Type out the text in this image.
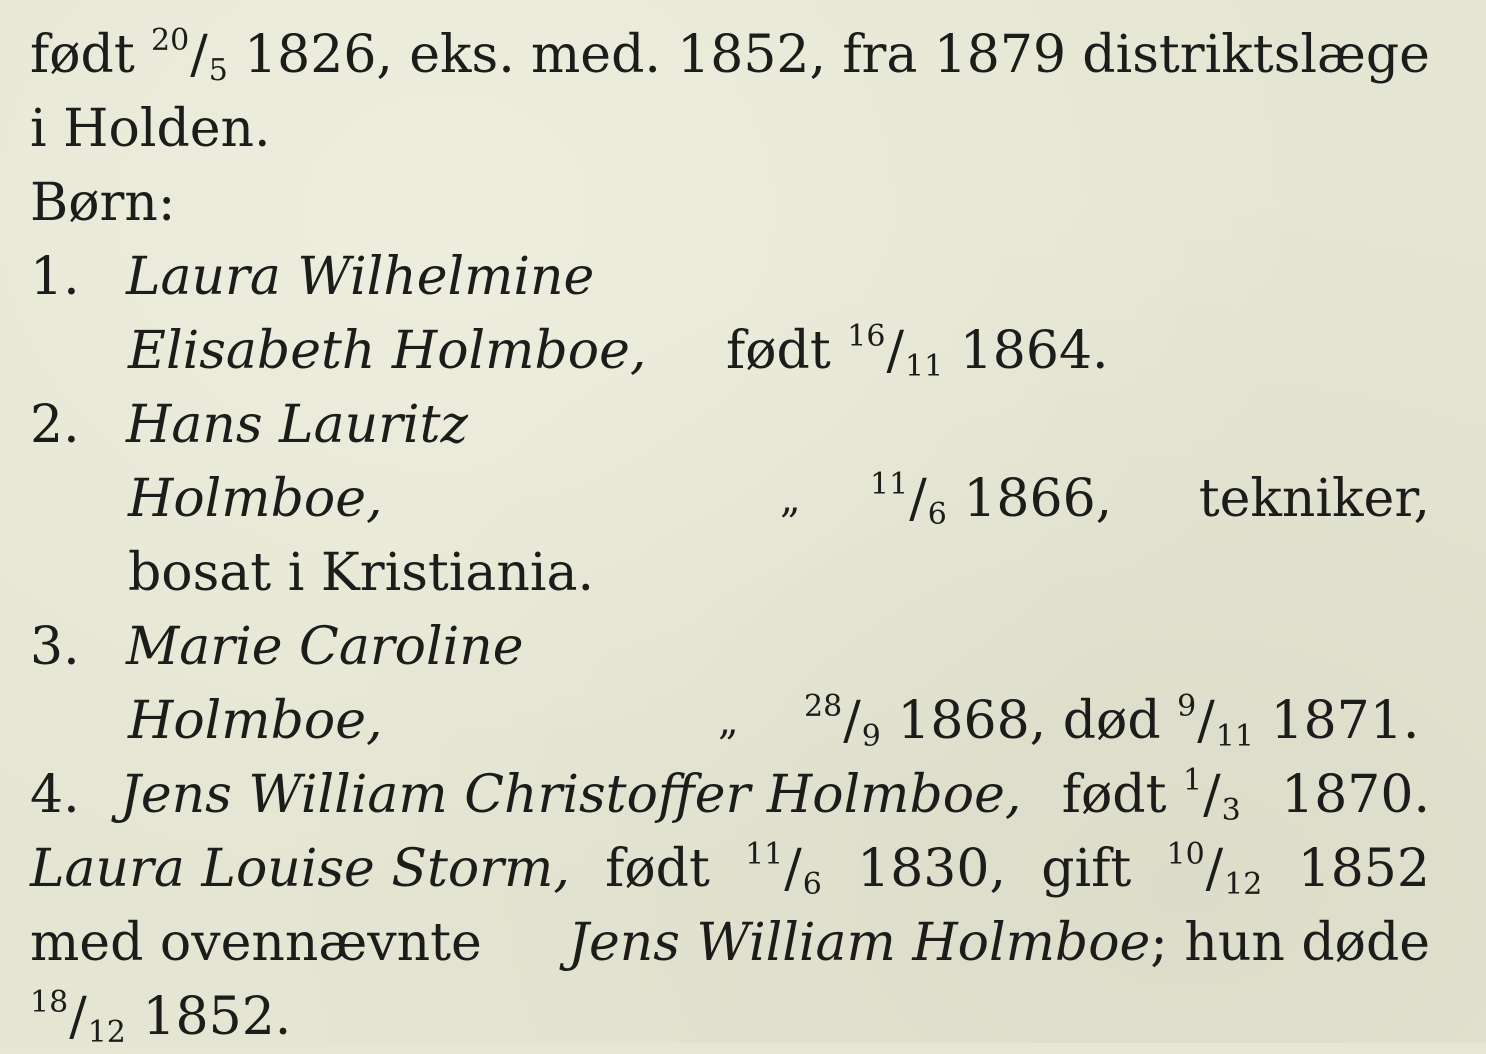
født $^{20}/_5$ 1826, eks. med. 1852, fra 1879 distriktslæge
i Holden.
Børn:
1. Laura Wilhelmine
Elisabeth Holmboe, født $^{16}/_{11}$ 1864.
2. Hans Lauritz
Holmboe,	„ $^{11}/_6$ 1866, tekniker,
bosat i Kristiania.
3. Marie Caroline
Holmboe,	„ $^{28}/_9$ 1868, død $^9/_{11}$ 1871.
4. Jens William Christoffer Holmboe, født $^1/_3$ 1870.
Laura Louise Storm, født $^{11}/_6$ 1830, gift $^{10}/_{12}$ 1852
med ovennævnte Jens William Holmboe; hun døde
$^{18}/_{12}$ 1852.
